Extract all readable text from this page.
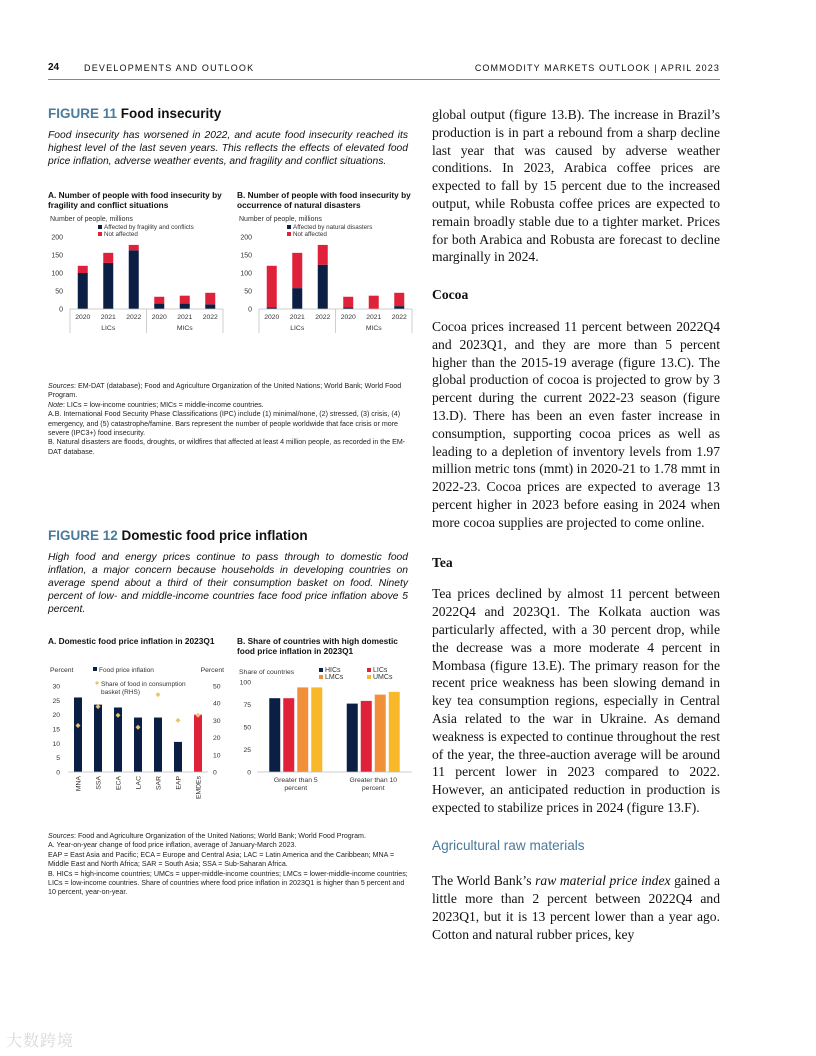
24	DEVELOPMENTS AND OUTLOOK	COMMODITY MARKETS OUTLOOK | APRIL 2023
FIGURE 11 Food insecurity

Food insecurity has worsened in 2022, and acute food insecurity reached its highest level of the last seven years. This reflects the effects of elevated food price inflation, adverse weather events, and fragility and conflict situations.

A. Number of people with food insecurity by fragility and conflict situations
Number of people, millions
Affected by fragility and conflicts
Not affected
0
50
100
150
200
2020 2021 2022 2020 2021 2022
LICs	MICs
B. Number of people with food insecurity by occurrence of natural disasters
Number of people, millions
Affected by natural disasters
Not affected
0
50
100
150
200
2020 2021 2022 2020 2021 2022
LICs	MICs

Sources: EM-DAT (database); Food and Agriculture Organization of the United Nations; World Bank; World Food Program.

Note: LICs = low-income countries; MICs = middle-income countries.

A.B. International Food Security Phase Classifications (IPC) include (1) minimal/none, (2) stressed, (3) crisis, (4) emergency, and (5) catastrophe/famine. Bars represent the number of people worldwide that face crisis or more severe (IPC3+) food insecurity.

B. Natural disasters are floods, droughts, or wildfires that affected at least 4 million people, as recorded in the EM-DAT database.

FIGURE 12 Domestic food price inflation

High food and energy prices continue to pass through to domestic food inflation, a major concern because households in developing countries on average spend about a third of their consumption basket on food. Ninety percent of low- and middle-income countries face food price inflation above 5 percent.

A. Domestic food price inflation in 2023Q1
Percent	Percent
Food price inflation
Share of food in consumption basket (RHS)
0
5
10
15
20
25
30
0
10
20
30
40
50
MNA SSA ECA LAC SAR EAP EMDEs
B. Share of countries with high domestic food price inflation in 2023Q1
Share of countries	HICs	LICs
LMCs	UMCs
0
25
50
75
100
Greater than 5 percent
Greater than 10 percent

Sources: Food and Agriculture Organization of the United Nations; World Bank; World Food Program.

A. Year-on-year change of food price inflation, average of January-March 2023.

EAP = East Asia and Pacific; ECA = Europe and Central Asia; LAC = Latin America and the Caribbean; MNA = Middle East and North Africa; SAR = South Asia; SSA = Sub-Saharan Africa.

B. HICs = high-income countries; UMCs = upper-middle-income countries; LMCs = lower-middle-income countries; LICs = low-income countries. Share of countries where food price inflation in 2023Q1 is higher than 5 percent and 10 percent, year-on-year.

global output (figure 13.B). The increase in Brazil’s production is in part a rebound from a sharp decline last year that was caused by adverse weather conditions. In 2023, Arabica coffee prices are expected to fall by 15 percent due to the increased output, while Robusta coffee prices are expected to remain broadly stable due to a tighter market. Prices for both Arabica and Robusta are forecast to decline marginally in 2024.

Cocoa

Cocoa prices increased 11 percent between 2022Q4 and 2023Q1, and they are more than 5 percent higher than the 2015-19 average (figure 13.C). The global production of cocoa is projected to grow by 3 percent during the current 2022-23 season (figure 13.D). There has been an even faster increase in consumption, supporting cocoa prices as well as leading to a depletion of inventory levels from 1.97 million metric tons (mmt) in 2020-21 to 1.78 mmt in 2022-23. Cocoa prices are expected to average 13 percent higher in 2023 before easing in 2024 when more cocoa supplies are projected to come online.

Tea

Tea prices declined by almost 11 percent between 2022Q4 and 2023Q1. The Kolkata auction was particularly affected, with a 30 percent drop, while the decrease was a more moderate 4 percent in Mombasa (figure 13.E). The primary reason for the recent price weakness has been slowing demand in key tea consumption regions, especially in Central Asia related to the war in Ukraine. As demand weakness is expected to continue throughout the rest of the year, the three-auction average will be around 11 percent lower in 2023 compared to 2022. However, an anticipated reduction in production is expected to stabilize prices in 2024 (figure 13.F).

Agricultural raw materials

The World Bank’s raw material price index gained a little more than 2 percent between 2022Q4 and 2023Q1, but it is 13 percent lower than a year ago. Cotton and natural rubber prices, key

大数跨境
